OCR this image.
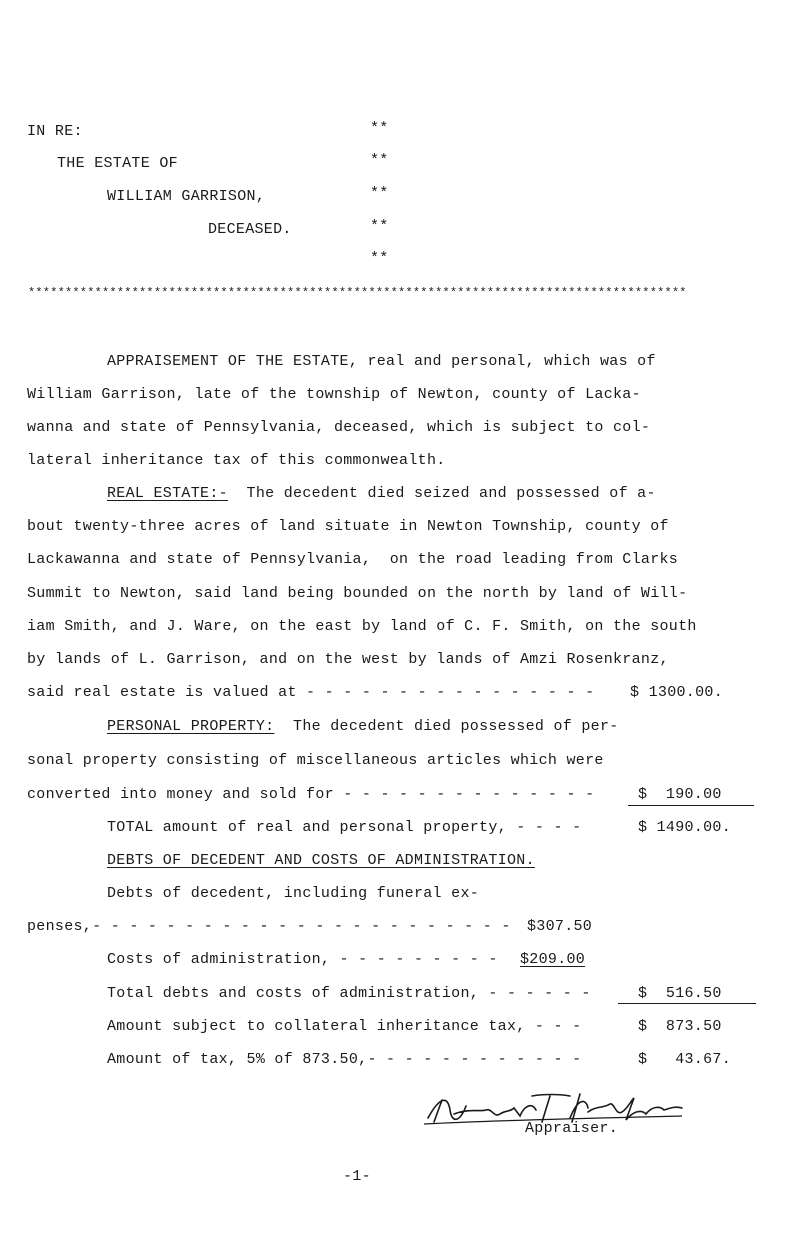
IN RE:
THE ESTATE OF
WILLIAM GARRISON,
DECEASED.
**
**
**
**
**
*****************************************************************************************
APPRAISEMENT OF THE ESTATE, real and personal, which was of
William Garrison, late of the township of Newton, county of Lacka-
wanna and state of Pennsylvania, deceased, which is subject to col-
lateral inheritance tax of this commonwealth.
REAL ESTATE:-  The decedent died seized and possessed of a-
bout twenty-three acres of land situate in Newton Township, county of
Lackawanna and state of Pennsylvania,  on the road leading from Clarks
Summit to Newton, said land being bounded on the north by land of Will-
iam Smith, and J. Ware, on the east by land of C. F. Smith, on the south
by lands of L. Garrison, and on the west by lands of Amzi Rosenkranz,
said real estate is valued at - - - - - - - - - - - - - - - - $ 1300.00.
PERSONAL PROPERTY:  The decedent died possessed of per-
sonal property consisting of miscellaneous articles which were
converted into money and sold for - - - - - - - - - - - - - -	$  190.00
TOTAL amount of real and personal property, - - - -	$ 1490.00.
DEBTS OF DECEDENT AND COSTS OF ADMINISTRATION.
Debts of decedent, including funeral ex-
penses,- - - - - - - - - - - - - - - - - - - - - - - $307.50
Costs of administration, - - - - - - - - - $209.00
Total debts and costs of administration, - - - - - -	$  516.50
Amount subject to collateral inheritance tax, - - -	$  873.50
Amount of tax, 5% of 873.50,- - - - - - - - - - - -	$   43.67.
Appraiser.
-1-
